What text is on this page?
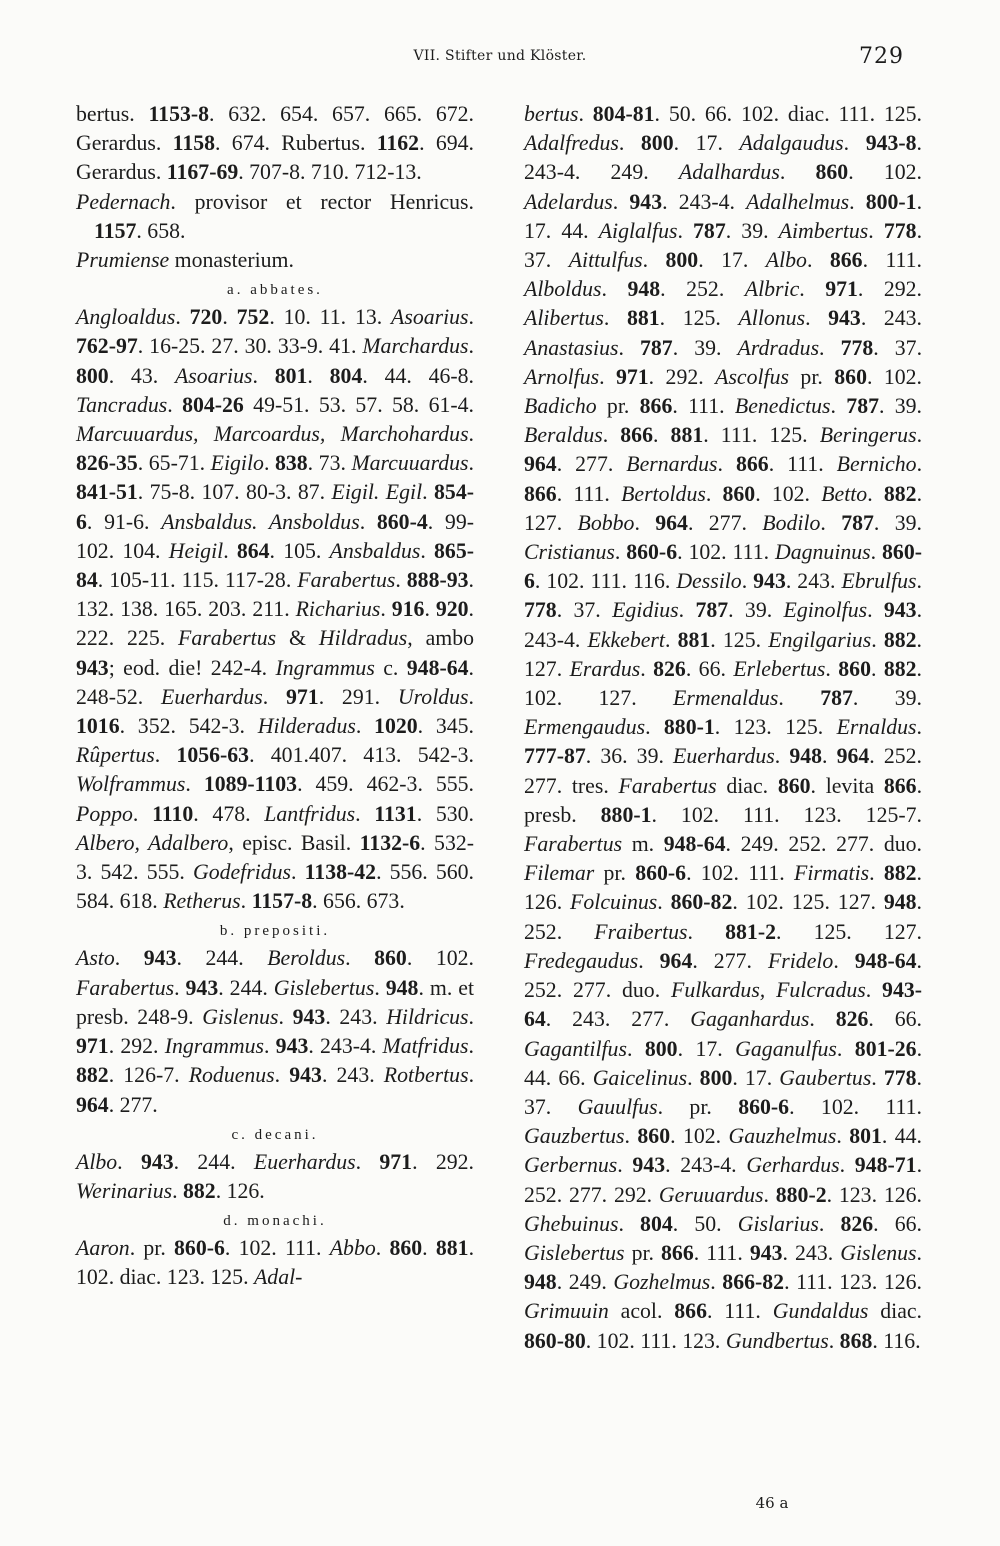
VII. Stifter und Klöster.	729

bertus. 1153-8. 632. 654. 657. 665. 672. Gerardus. 1158. 674. Rubertus. 1162. 694. Gerardus. 1167-69. 707-8. 710. 712-13.

Pedernach. provisor et rector Henricus. 1157. 658.

Prumiense monasterium.

a. abbates.

Angloaldus. 720. 752. 10. 11. 13. Asoarius. 762-97. 16-25. 27. 30. 33-9. 41. Marchardus. 800. 43. Asoarius. 801. 804. 44. 46-8. Tancradus. 804-26 49-51. 53. 57. 58. 61-4. Marcuuardus, Marcoardus, Marchohardus. 826-35. 65-71. Eigilo. 838. 73. Marcuuardus. 841-51. 75-8. 107. 80-3. 87. Eigil. Egil. 854-6. 91-6. Ansbaldus. Ansboldus. 860-4. 99-102. 104. Heigil. 864. 105. Ansbaldus. 865-84. 105-11. 115. 117-28. Farabertus. 888-93. 132. 138. 165. 203. 211. Richarius. 916. 920. 222. 225. Farabertus & Hildradus, ambo 943; eod. die! 242-4. Ingrammus c. 948-64. 248-52. Euerhardus. 971. 291. Uroldus. 1016. 352. 542-3. Hilderadus. 1020. 345. Rûpertus. 1056-63. 401.407. 413. 542-3. Wolframmus. 1089-1103. 459. 462-3. 555. Poppo. 1110. 478. Lantfridus. 1131. 530. Albero, Adalbero, episc. Basil. 1132-6. 532-3. 542. 555. Godefridus. 1138-42. 556. 560. 584. 618. Retherus. 1157-8. 656. 673.

b. prepositi.

Asto. 943. 244. Beroldus. 860. 102. Farabertus. 943. 244. Gislebertus. 948. m. et presb. 248-9. Gislenus. 943. 243. Hildricus. 971. 292. Ingrammus. 943. 243-4. Matfridus. 882. 126-7. Roduenus. 943. 243. Rotbertus. 964. 277.

c. decani.

Albo. 943. 244. Euerhardus. 971. 292. Werinarius. 882. 126.

d. monachi.

Aaron. pr. 860-6. 102. 111. Abbo. 860. 881. 102. diac. 123. 125. Adal-

bertus. 804-81. 50. 66. 102. diac. 111. 125. Adalfredus. 800. 17. Adalgaudus. 943-8. 243-4. 249. Adalhardus. 860. 102. Adelardus. 943. 243-4. Adalhelmus. 800-1. 17. 44. Aiglalfus. 787. 39. Aimbertus. 778. 37. Aittulfus. 800. 17. Albo. 866. 111. Alboldus. 948. 252. Albric. 971. 292. Alibertus. 881. 125. Allonus. 943. 243. Anastasius. 787. 39. Ardradus. 778. 37. Arnolfus. 971. 292. Ascolfus pr. 860. 102. Badicho pr. 866. 111. Benedictus. 787. 39. Beraldus. 866. 881. 111. 125. Beringerus. 964. 277. Bernardus. 866. 111. Bernicho. 866. 111. Bertoldus. 860. 102. Betto. 882. 127. Bobbo. 964. 277. Bodilo. 787. 39. Cristianus. 860-6. 102. 111. Dagnuinus. 860-6. 102. 111. 116. Dessilo. 943. 243. Ebrulfus. 778. 37. Egidius. 787. 39. Eginolfus. 943. 243-4. Ekkebert. 881. 125. Engilgarius. 882. 127. Erardus. 826. 66. Erlebertus. 860. 882. 102. 127. Ermenaldus. 787. 39. Ermengaudus. 880-1. 123. 125. Ernaldus. 777-87. 36. 39. Euerhardus. 948. 964. 252. 277. tres. Farabertus diac. 860. levita 866. presb. 880-1. 102. 111. 123. 125-7. Farabertus m. 948-64. 249. 252. 277. duo. Filemar pr. 860-6. 102. 111. Firmatis. 882. 126. Folcuinus. 860-82. 102. 125. 127. 948. 252. Fraibertus. 881-2. 125. 127. Fredegaudus. 964. 277. Fridelo. 948-64. 252. 277. duo. Fulkardus, Fulcradus. 943-64. 243. 277. Gaganhardus. 826. 66. Gagantilfus. 800. 17. Gaganulfus. 801-26. 44. 66. Gaicelinus. 800. 17. Gaubertus. 778. 37. Gauulfus. pr. 860-6. 102. 111. Gauzbertus. 860. 102. Gauzhelmus. 801. 44. Gerbernus. 943. 243-4. Gerhardus. 948-71. 252. 277. 292. Geruuardus. 880-2. 123. 126. Ghebuinus. 804. 50. Gislarius. 826. 66. Gislebertus pr. 866. 111. 943. 243. Gislenus. 948. 249. Gozhelmus. 866-82. 111. 123. 126. Grimuuin acol. 866. 111. Gundaldus diac. 860-80. 102. 111. 123. Gundbertus. 868. 116.

46 a
